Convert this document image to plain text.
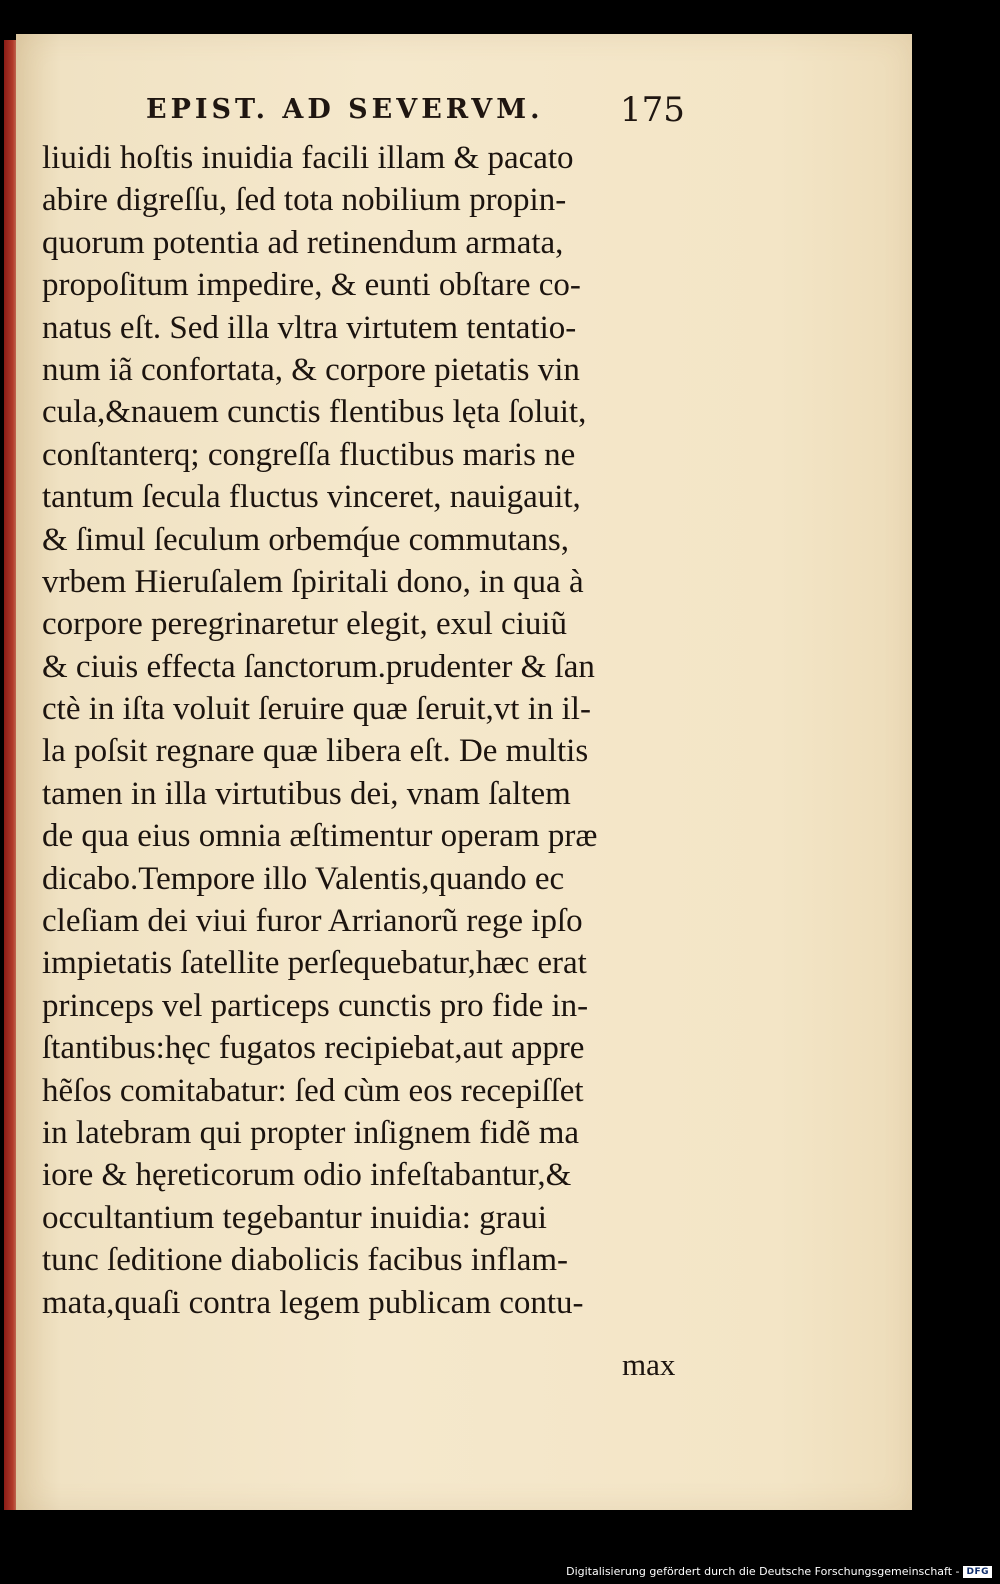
EPIST. AD SEVERVM. 175
liuidi hoſtis inuidia facili illam & pacato
abire digreſſu, ſed tota nobilium propin-
quorum potentia ad retinendum armata,
propoſitum impedire, & eunti obſtare co-
natus eſt. Sed illa vltra virtutem tentatio-
num iã confortata, & corpore pietatis vin
cula,&nauem cunctis flentibus lęta ſoluit,
conſtanterq; congreſſa fluctibus maris ne
tantum ſecula fluctus vinceret, nauigauit,
& ſimul ſeculum orbemq́ue commutans,
vrbem Hieruſalem ſpiritali dono, in qua à
corpore peregrinaretur elegit, exul ciuiũ
& ciuis effecta ſanctorum.prudenter & ſan
ctè in iſta voluit ſeruire quæ ſeruit,vt in il-
la poſsit regnare quæ libera eſt. De multis
tamen in illa virtutibus dei, vnam ſaltem
de qua eius omnia æſtimentur operam præ
dicabo.Tempore illo Valentis,quando ec
cleſiam dei viui furor Arrianorũ rege ipſo
impietatis ſatellite perſequebatur,hæc erat
princeps vel particeps cunctis pro fide in-
ſtantibus:hęc fugatos recipiebat,aut appre
hẽſos comitabatur: ſed cùm eos recepiſſet
in latebram qui propter inſignem fidẽ ma
iore & hęreticorum odio infeſtabantur,&
occultantium tegebantur inuidia: graui
tunc ſeditione diabolicis facibus inflam-
mata,quaſi contra legem publicam contu-
max
Digitalisierung gefördert durch die Deutsche Forschungsgemeinschaft - DFG
